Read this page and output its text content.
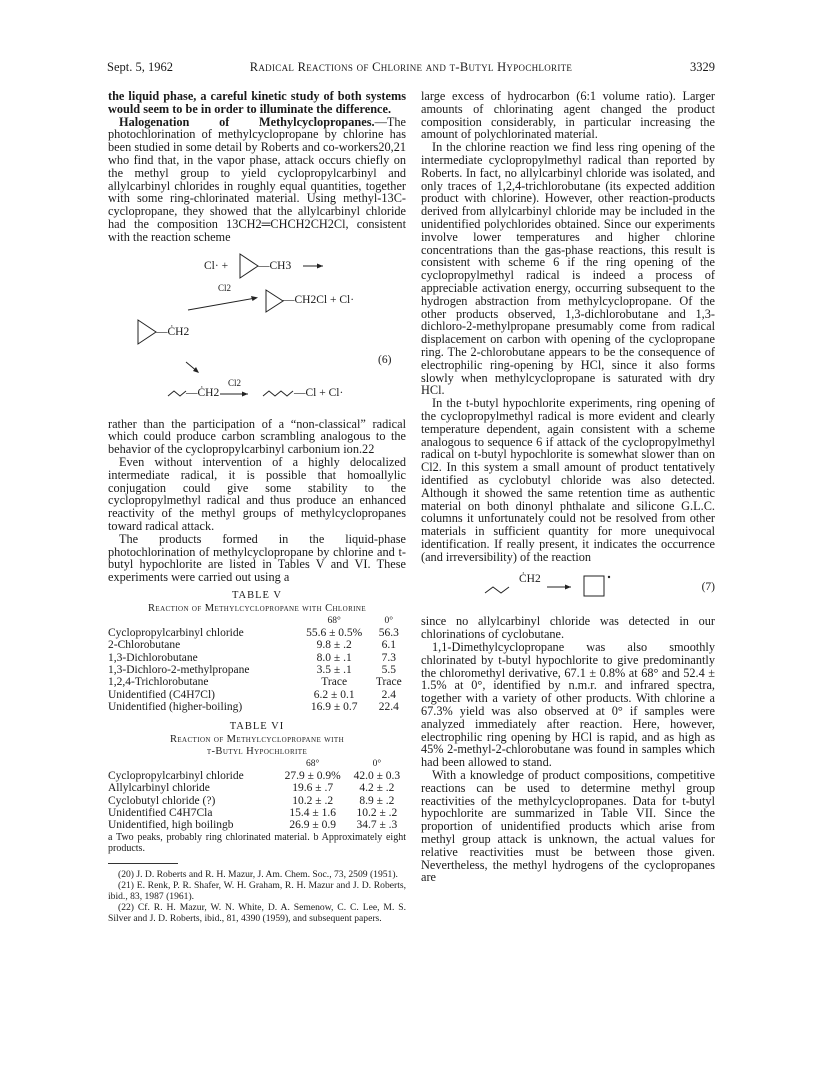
Sept. 5, 1962	Radical Reactions of Chlorine and t-Butyl Hypochlorite	3329

the liquid phase, a careful kinetic study of both systems would seem to be in order to illuminate the difference.

Halogenation of Methylcyclopropanes.—The photochlorination of methylcyclopropane by chlorine has been studied in some detail by Roberts and co-workers20,21 who find that, in the vapor phase, attack occurs chiefly on the methyl group to yield cyclopropylcarbinyl and allylcarbinyl chlorides in roughly equal quantities, together with some ring-chlorinated material. Using methyl-13C-cyclopropane, they showed that the allylcarbinyl chloride had the composition 13CH2═CHCH2CH2Cl, consistent with the reaction scheme

Cl· +	—CH3
Cl2
—CH2Cl + Cl·
—ĊH2
(6)
—ĊH2
Cl2
—Cl + Cl·

rather than the participation of a “non-classical” radical which could produce carbon scrambling analogous to the behavior of the cyclopropylcarbinyl carbonium ion.22

Even without intervention of a highly delocalized intermediate radical, it is possible that homoallylic conjugation could give some stability to the cyclopropylmethyl radical and thus produce an enhanced reactivity of the methyl groups of methylcyclopropanes toward radical attack.

The products formed in the liquid-phase photochlorination of methylcyclopropane by chlorine and t-butyl hypochlorite are listed in Tables V and VI. These experiments were carried out using a

TABLE V
Reaction of Methylcyclopropane with Chlorine
	68°	0°
Cyclopropylcarbinyl chloride	55.6 ± 0.5%	56.3
2-Chlorobutane	9.8 ± .2	6.1
1,3-Dichlorobutane	8.0 ± .1	7.3
1,3-Dichloro-2-methylpropane	3.5 ± .1	5.5
1,2,4-Trichlorobutane	Trace	Trace
Unidentified (C4H7Cl)	6.2 ± 0.1	2.4
Unidentified (higher-boiling)	16.9 ± 0.7	22.4
TABLE VI
Reaction of Methylcyclopropane with
t-Butyl Hypochlorite
	68°	0°
Cyclopropylcarbinyl chloride	27.9 ± 0.9%	42.0 ± 0.3
Allylcarbinyl chloride	19.6 ± .7	4.2 ± .2
Cyclobutyl chloride (?)	10.2 ± .2	8.9 ± .2
Unidentified C4H7Cla	15.4 ± 1.6	10.2 ± .2
Unidentified, high boilingb	26.9 ± 0.9	34.7 ± .3
a Two peaks, probably ring chlorinated material. b Approximately eight products.

(20) J. D. Roberts and R. H. Mazur, J. Am. Chem. Soc., 73, 2509 (1951).

(21) E. Renk, P. R. Shafer, W. H. Graham, R. H. Mazur and J. D. Roberts, ibid., 83, 1987 (1961).

(22) Cf. R. H. Mazur, W. N. White, D. A. Semenow, C. C. Lee, M. S. Silver and J. D. Roberts, ibid., 81, 4390 (1959), and subsequent papers.

large excess of hydrocarbon (6:1 volume ratio). Larger amounts of chlorinating agent changed the product composition considerably, in particular increasing the amount of polychlorinated material.

In the chlorine reaction we find less ring opening of the intermediate cyclopropylmethyl radical than reported by Roberts. In fact, no allylcarbinyl chloride was isolated, and only traces of 1,2,4-trichlorobutane (its expected addition product with chlorine). However, other reaction-products derived from allylcarbinyl chloride may be included in the unidentified polychlorides obtained. Since our experiments involve lower temperatures and higher chlorine concentrations than the gas-phase reactions, this result is consistent with scheme 6 if the ring opening of the cyclopropylmethyl radical is indeed a process of appreciable activation energy, occurring subsequent to the hydrogen abstraction from methylcyclopropane. Of the other products observed, 1,3-dichlorobutane and 1,3-dichloro-2-methylpropane presumably come from radical displacement on carbon with opening of the cyclopropane ring. The 2-chlorobutane appears to be the consequence of electrophilic ring-opening by HCl, since it also forms slowly when methylcyclopropane is saturated with dry HCl.

In the t-butyl hypochlorite experiments, ring opening of the cyclopropylmethyl radical is more evident and clearly temperature dependent, again consistent with a scheme analogous to sequence 6 if attack of the cyclopropylmethyl radical on t-butyl hypochlorite is somewhat slower than on Cl2. In this system a small amount of product tentatively identified as cyclobutyl chloride was also detected. Although it showed the same retention time as authentic material on both dinonyl phthalate and silicone G.L.C. columns it unfortunately could not be resolved from other materials in sufficient quantity for more unequivocal identification. If really present, it indicates the occurrence (and irreversibility) of the reaction

ĊH2
(7)

since no allylcarbinyl chloride was detected in our chlorinations of cyclobutane.

1,1-Dimethylcyclopropane was also smoothly chlorinated by t-butyl hypochlorite to give predominantly the chloromethyl derivative, 67.1 ± 0.8% at 68° and 52.4 ± 1.5% at 0°, identified by n.m.r. and infrared spectra, together with a variety of other products. With chlorine a 67.3% yield was also observed at 0° if samples were analyzed immediately after reaction. Here, however, electrophilic ring opening by HCl is rapid, and as high as 45% 2-methyl-2-chlorobutane was found in samples which had been allowed to stand.

With a knowledge of product compositions, competitive reactions can be used to determine methyl group reactivities of the methylcyclopropanes. Data for t-butyl hypochlorite are summarized in Table VII. Since the proportion of unidentified products which arise from methyl group attack is unknown, the actual values for relative reactivities must be between those given. Nevertheless, the methyl hydrogens of the cyclopropanes are
